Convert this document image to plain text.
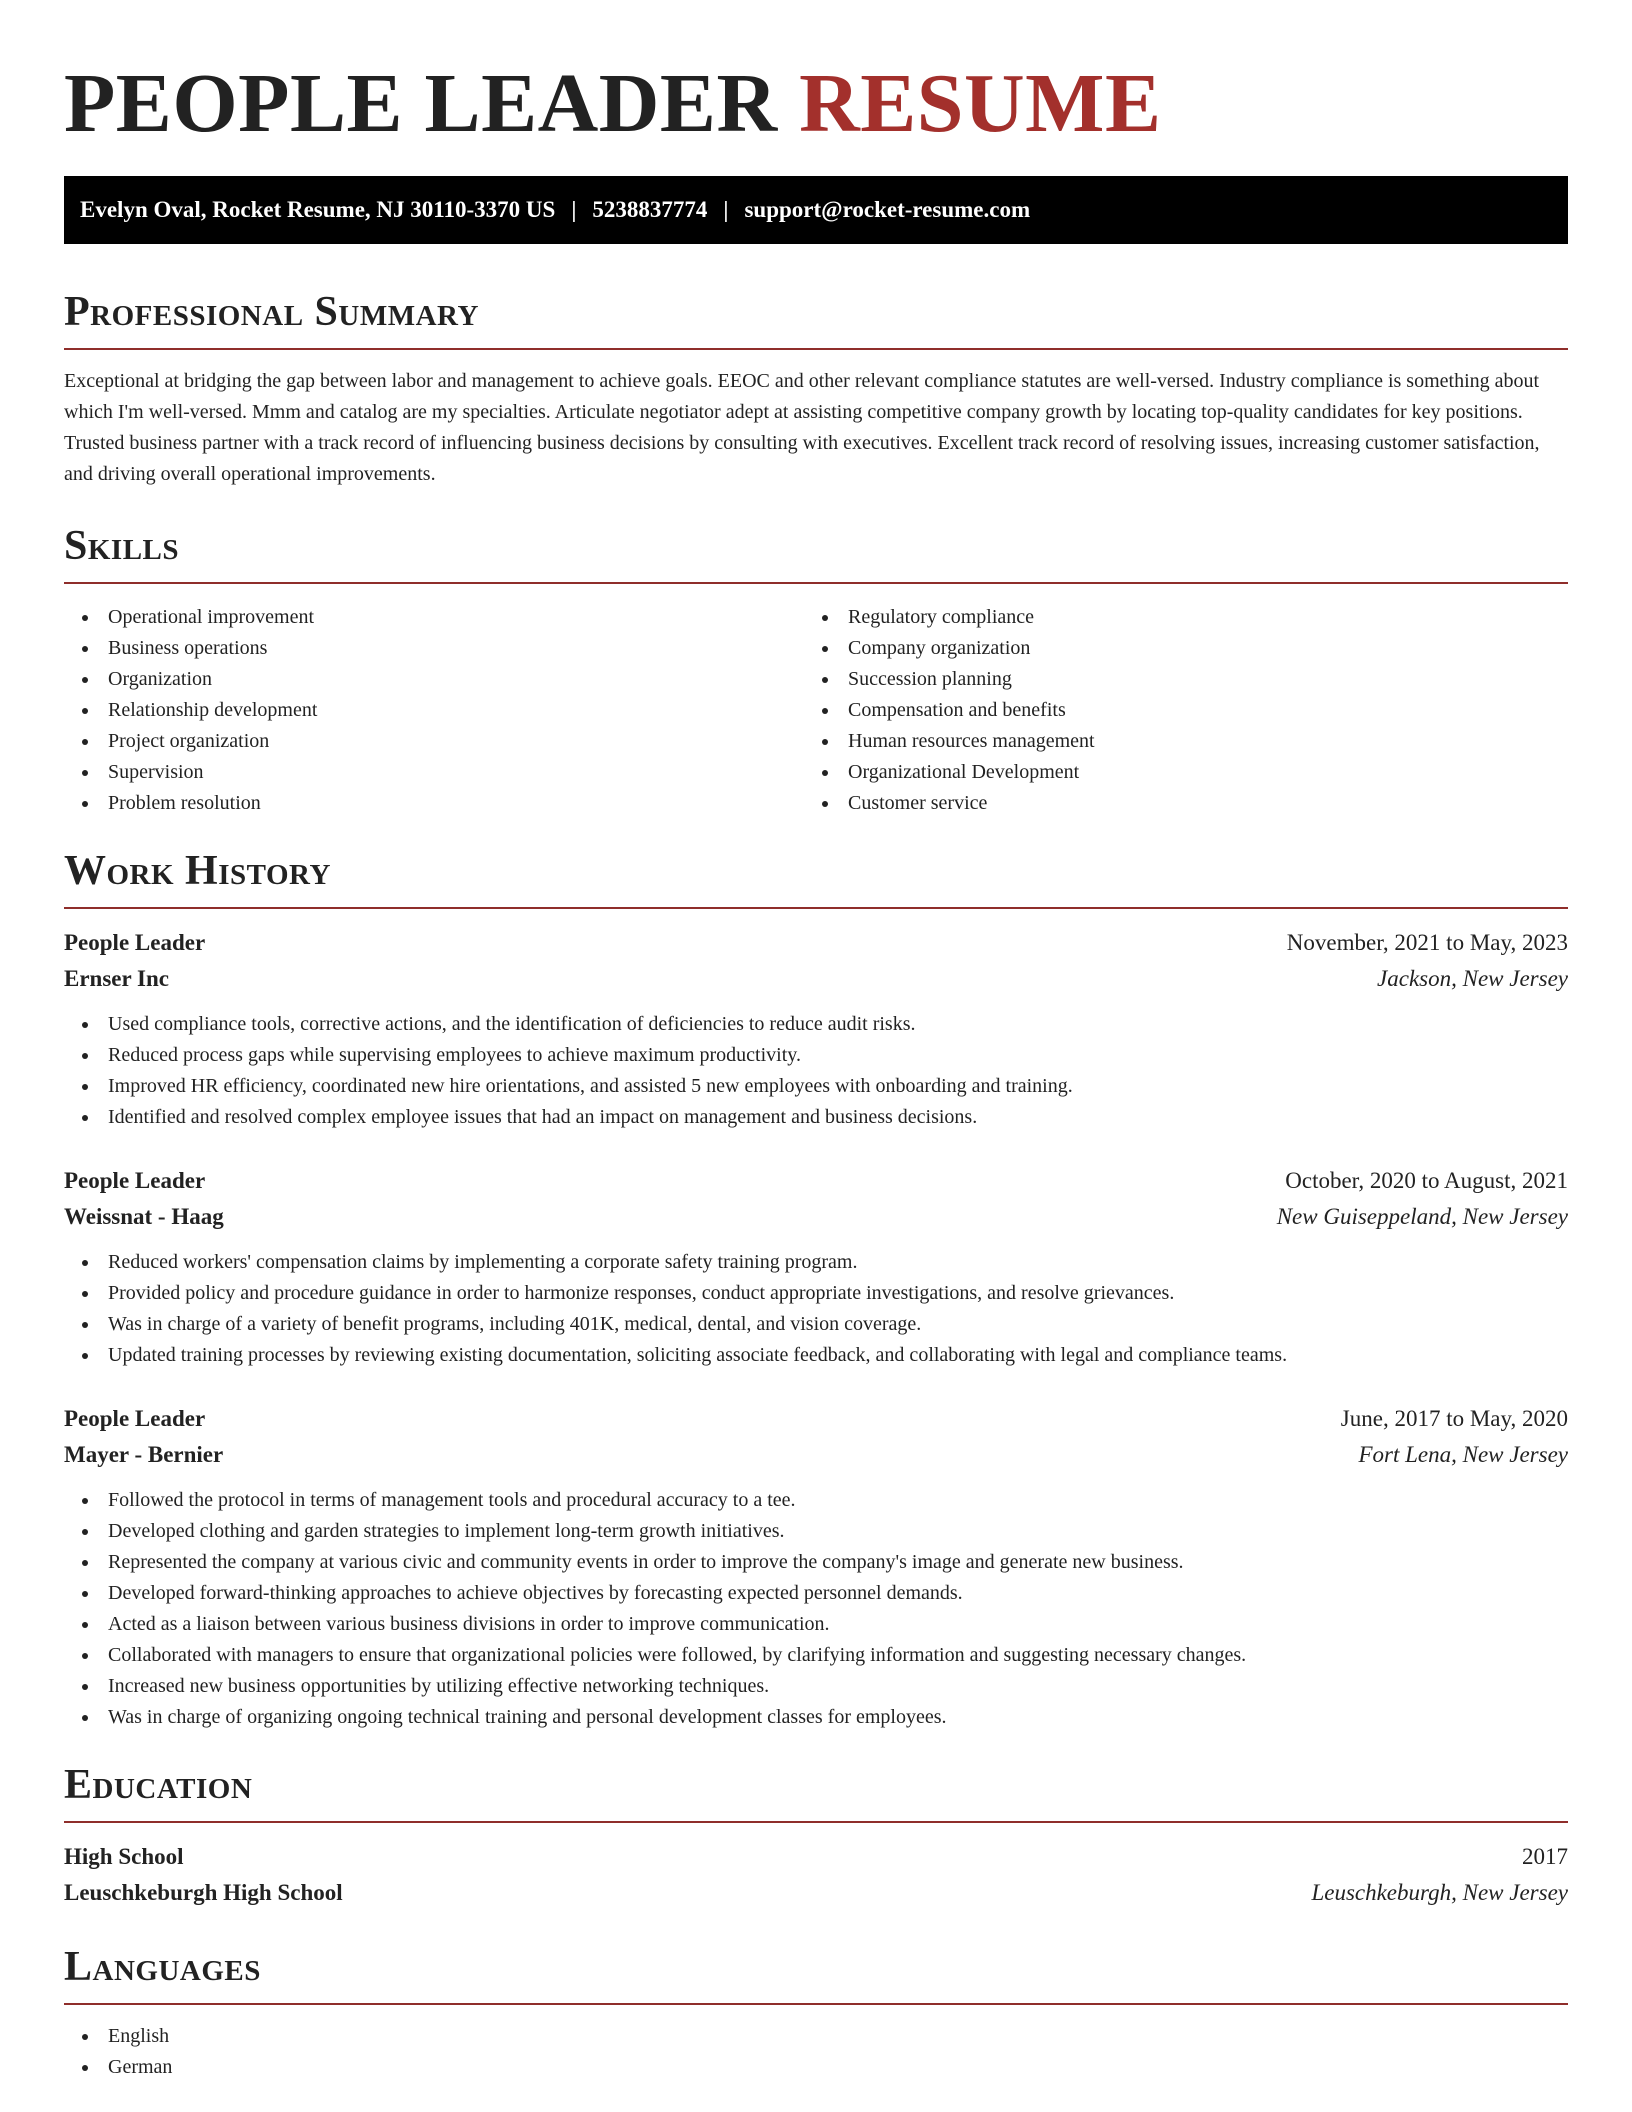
PEOPLE LEADER RESUME
Evelyn Oval, Rocket Resume, NJ 30110-3370 US | 5238837774 | support@rocket-resume.com
Professional Summary

Exceptional at bridging the gap between labor and management to achieve goals. EEOC and other relevant compliance statutes are well-versed. Industry compliance is something about which I'm well-versed. Mmm and catalog are my specialties. Articulate negotiator adept at assisting competitive company growth by locating top-quality candidates for key positions. Trusted business partner with a track record of influencing business decisions by consulting with executives. Excellent track record of resolving issues, increasing customer satisfaction, and driving overall operational improvements.

Skills
Operational improvement
Business operations
Organization
Relationship development
Project organization
Supervision
Problem resolution
Regulatory compliance
Company organization
Succession planning
Compensation and benefits
Human resources management
Organizational Development
Customer service
Work History
People Leader	November, 2021 to May, 2023
Ernser Inc	Jackson, New Jersey
Used compliance tools, corrective actions, and the identification of deficiencies to reduce audit risks.
Reduced process gaps while supervising employees to achieve maximum productivity.
Improved HR efficiency, coordinated new hire orientations, and assisted 5 new employees with onboarding and training.
Identified and resolved complex employee issues that had an impact on management and business decisions.
People Leader	October, 2020 to August, 2021
Weissnat - Haag	New Guiseppeland, New Jersey
Reduced workers' compensation claims by implementing a corporate safety training program.
Provided policy and procedure guidance in order to harmonize responses, conduct appropriate investigations, and resolve grievances.
Was in charge of a variety of benefit programs, including 401K, medical, dental, and vision coverage.
Updated training processes by reviewing existing documentation, soliciting associate feedback, and collaborating with legal and compliance teams.
People Leader	June, 2017 to May, 2020
Mayer - Bernier	Fort Lena, New Jersey
Followed the protocol in terms of management tools and procedural accuracy to a tee.
Developed clothing and garden strategies to implement long-term growth initiatives.
Represented the company at various civic and community events in order to improve the company's image and generate new business.
Developed forward-thinking approaches to achieve objectives by forecasting expected personnel demands.
Acted as a liaison between various business divisions in order to improve communication.
Collaborated with managers to ensure that organizational policies were followed, by clarifying information and suggesting necessary changes.
Increased new business opportunities by utilizing effective networking techniques.
Was in charge of organizing ongoing technical training and personal development classes for employees.
Education
High School	2017
Leuschkeburgh High School	Leuschkeburgh, New Jersey
Languages
English
German
